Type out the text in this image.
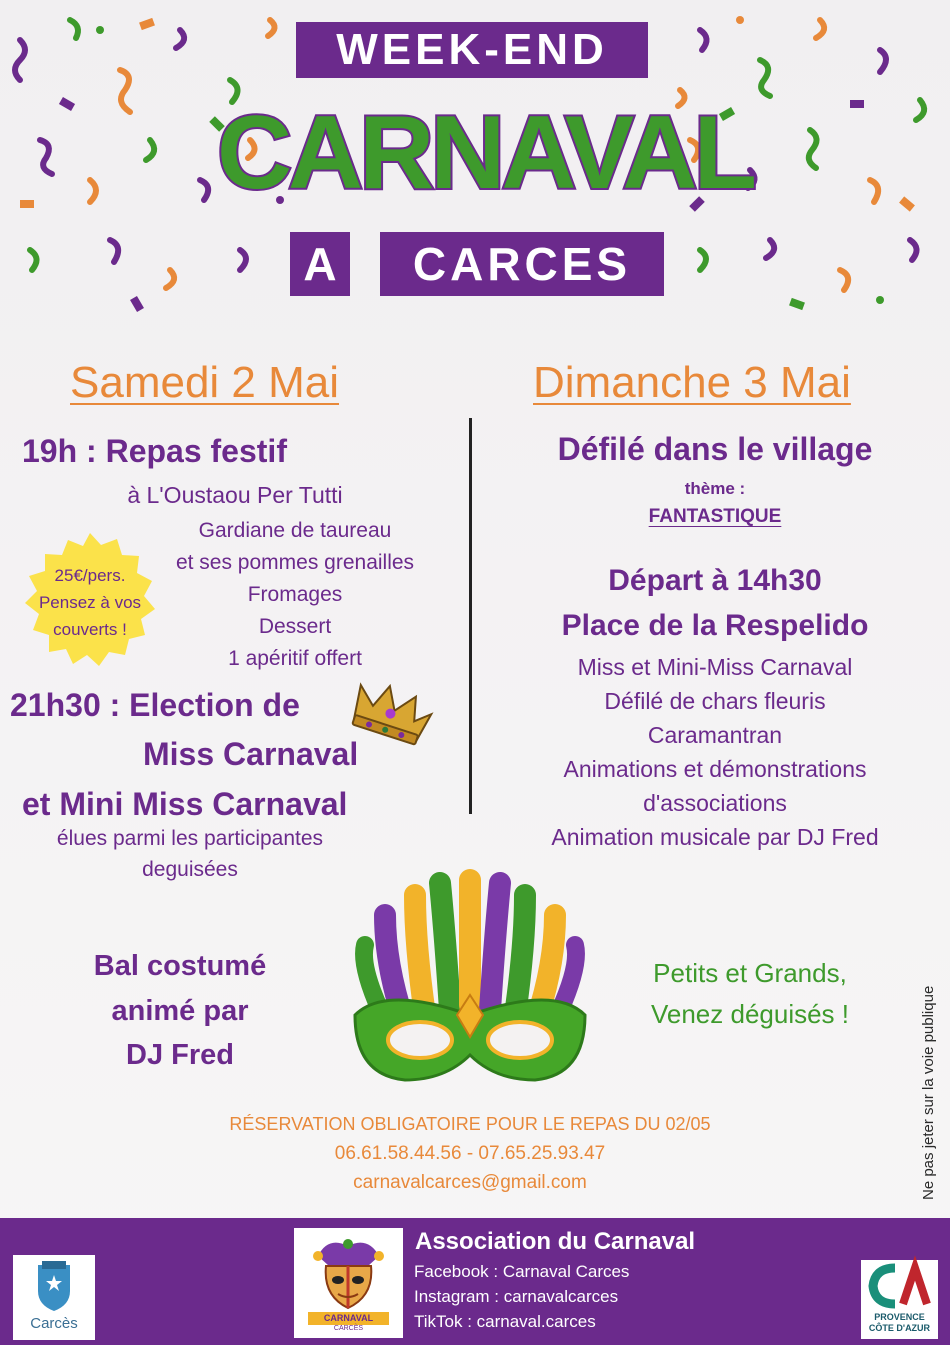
WEEK-END
CARNAVAL
A	CARCES
Samedi 2 Mai	Dimanche 3 Mai
19h : Repas festif
à L'Oustaou Per Tutti
Gardiane de taureau
et ses pommes grenailles
Fromages
Dessert
1 apéritif offert
25€/pers.
Pensez à vos
couverts !
21h30 : Election de
Miss Carnaval
et Mini Miss Carnaval
élues parmi les participantes
deguisées
Défilé dans le village
thème :
FANTASTIQUE
Départ à 14h30
Place de la Respelido
Miss et Mini-Miss Carnaval
Défilé de chars fleuris
Caramantran
Animations et démonstrations
d'associations
Animation musicale par DJ Fred
Bal costumé
animé par
DJ Fred
Petits et Grands,
Venez déguisés !	Ne pas jeter sur la voie publique
RÉSERVATION OBLIGATOIRE POUR LE REPAS DU 02/05
06.61.58.44.56 - 07.65.25.93.47
carnavalcarces@gmail.com
Carcès	CARNAVAL
CARCÈS
Association du Carnaval
Facebook : Carnaval Carces
Instagram : carnavalcarces
TikTok : carnaval.carces	PROVENCE
CÔTE D'AZUR
